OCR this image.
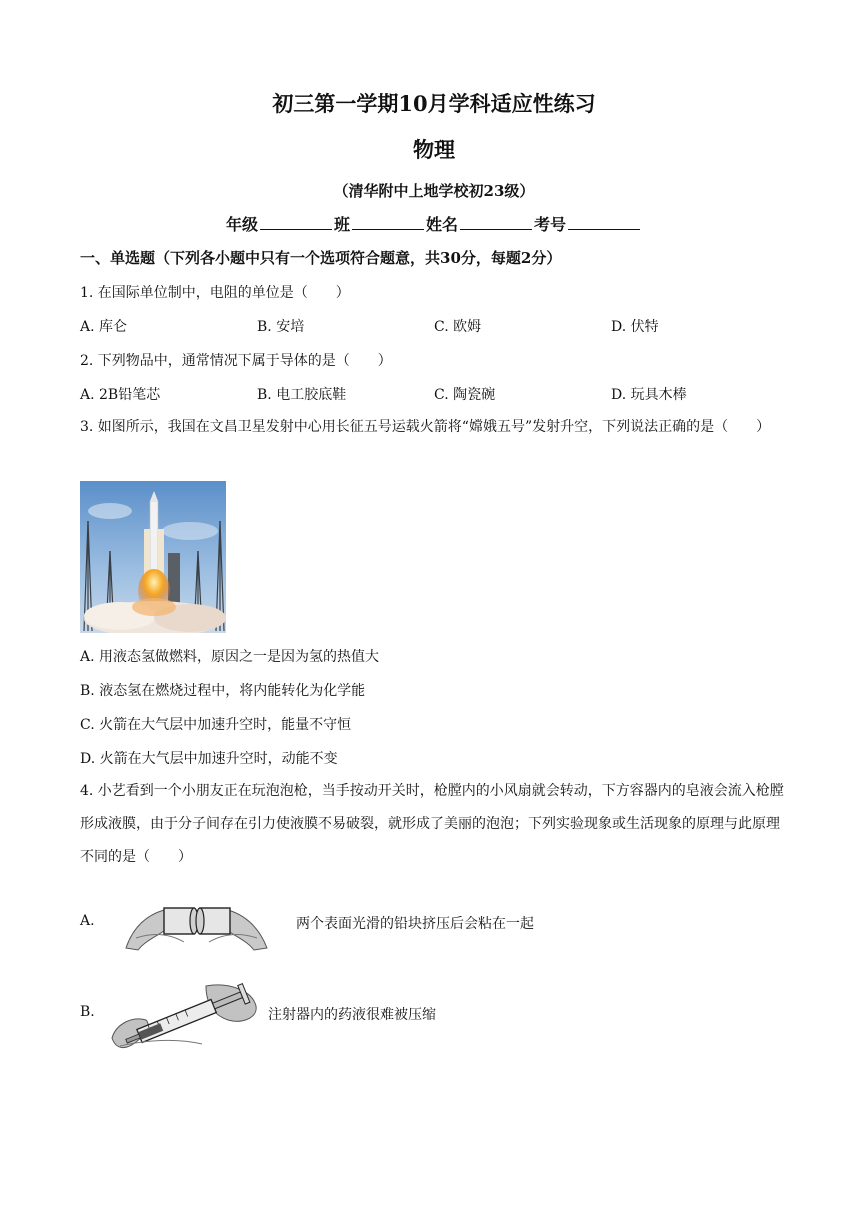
初三第一学期10月学科适应性练习
物理
（清华附中上地学校初23级）
年级	班	姓名	考号
一、单选题（下列各小题中只有一个选项符合题意，共30分，每题2分）
1. 在国际单位制中，电阻的单位是（　　）
A. 库仑	B. 安培	C. 欧姆	D. 伏特
2. 下列物品中，通常情况下属于导体的是（　　）
A. 2B铅笔芯	B. 电工胶底鞋	C. 陶瓷碗	D. 玩具木棒
3. 如图所示，我国在文昌卫星发射中心用长征五号运载火箭将“嫦娥五号”发射升空，下列说法正确的是（　　）
A. 用液态氢做燃料，原因之一是因为氢的热值大
B. 液态氢在燃烧过程中，将内能转化为化学能
C. 火箭在大气层中加速升空时，能量不守恒
D. 火箭在大气层中加速升空时，动能不变
4. 小艺看到一个小朋友正在玩泡泡枪，当手按动开关时，枪膛内的小风扇就会转动，下方容器内的皂液会流入枪膛形成液膜，由于分子间存在引力使液膜不易破裂，就形成了美丽的泡泡；下列实验现象或生活现象的原理与此原理不同的是（　　）
A.	两个表面光滑的铅块挤压后会粘在一起
B.	注射器内的药液很难被压缩
